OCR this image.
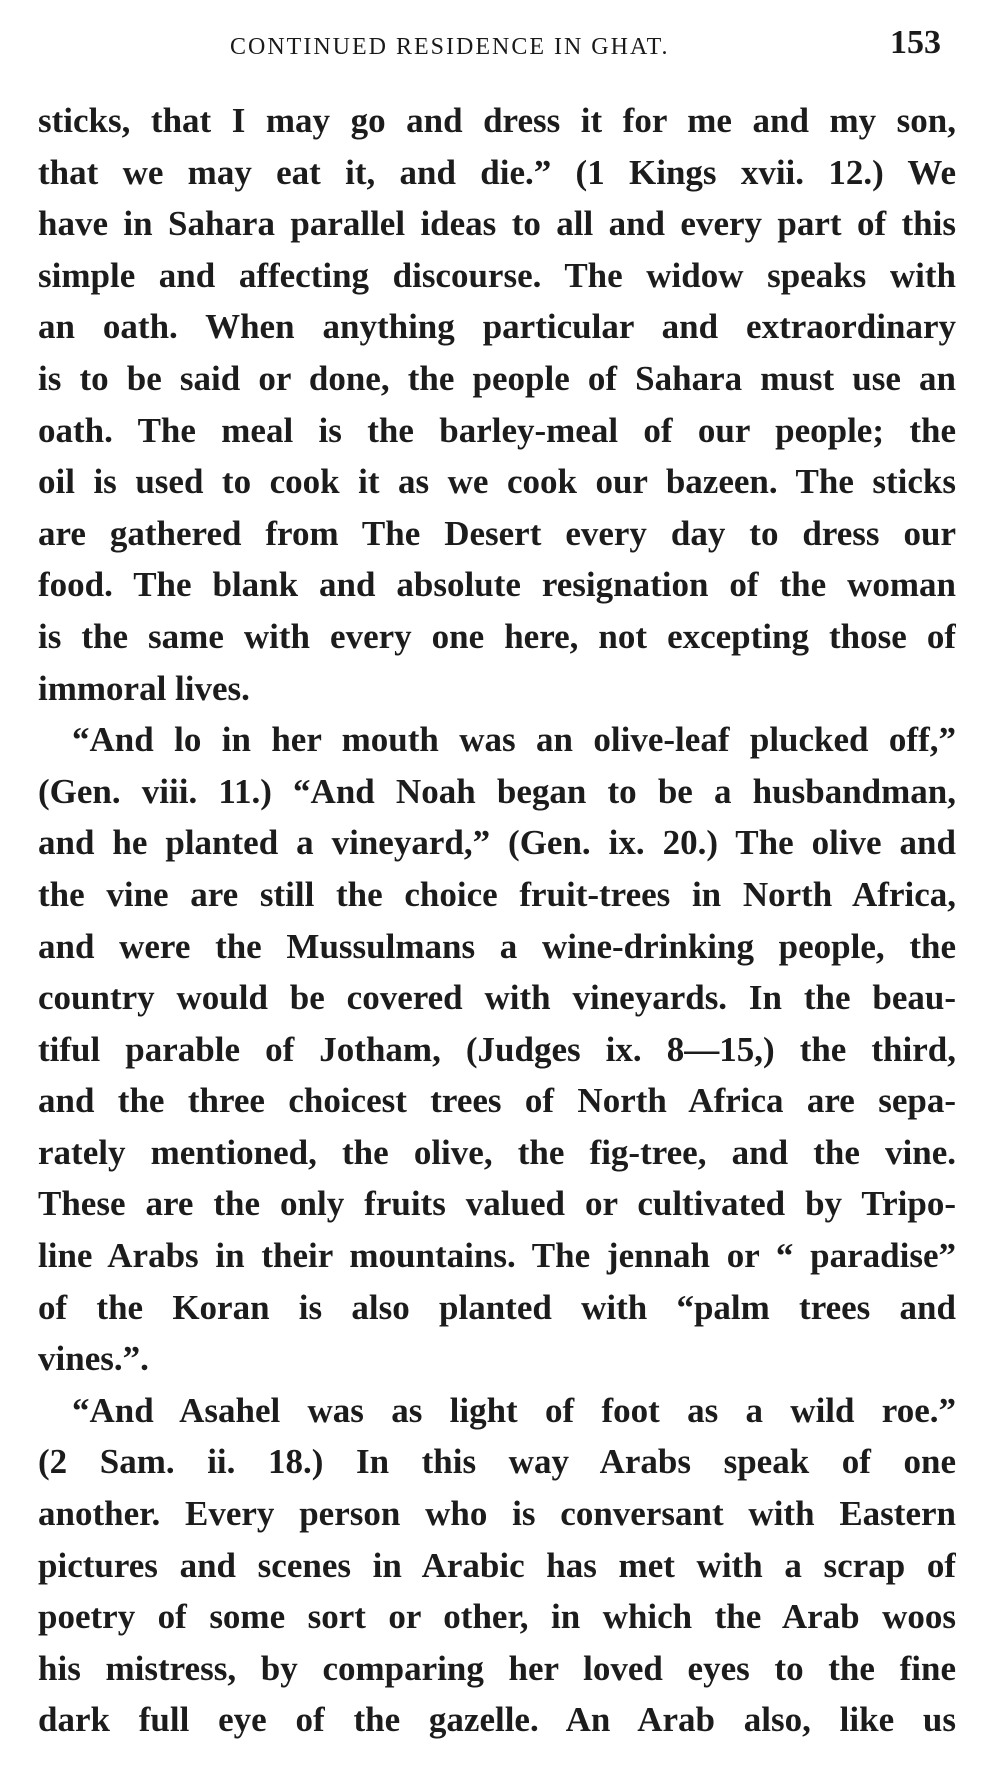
CONTINUED RESIDENCE IN GHAT.	153
sticks, that I may go and dress it for me and my son,
that we may eat it, and die.” (1 Kings xvii. 12.) We
have in Sahara parallel ideas to all and every part of this
simple and affecting discourse. The widow speaks with
an oath. When anything particular and extraordinary
is to be said or done, the people of Sahara must use an
oath. The meal is the barley-meal of our people; the
oil is used to cook it as we cook our bazeen. The sticks
are gathered from The Desert every day to dress our
food. The blank and absolute resignation of the woman
is the same with every one here, not excepting those of
immoral lives.
“And lo in her mouth was an olive-leaf plucked off,”
(Gen. viii. 11.) “And Noah began to be a husbandman,
and he planted a vineyard,” (Gen. ix. 20.) The olive and
the vine are still the choice fruit-trees in North Africa,
and were the Mussulmans a wine-drinking people, the
country would be covered with vineyards. In the beau-
tiful parable of Jotham, (Judges ix. 8—15,) the third,
and the three choicest trees of North Africa are sepa-
rately mentioned, the olive, the fig-tree, and the vine.
These are the only fruits valued or cultivated by Tripo-
line Arabs in their mountains. The jennah or “ paradise”
of the Koran is also planted with “palm trees and
vines.”.
“And Asahel was as light of foot as a wild roe.”
(2 Sam. ii. 18.) In this way Arabs speak of one
another. Every person who is conversant with Eastern
pictures and scenes in Arabic has met with a scrap of
poetry of some sort or other, in which the Arab woos
his mistress, by comparing her loved eyes to the fine
dark full eye of the gazelle. An Arab also, like us
